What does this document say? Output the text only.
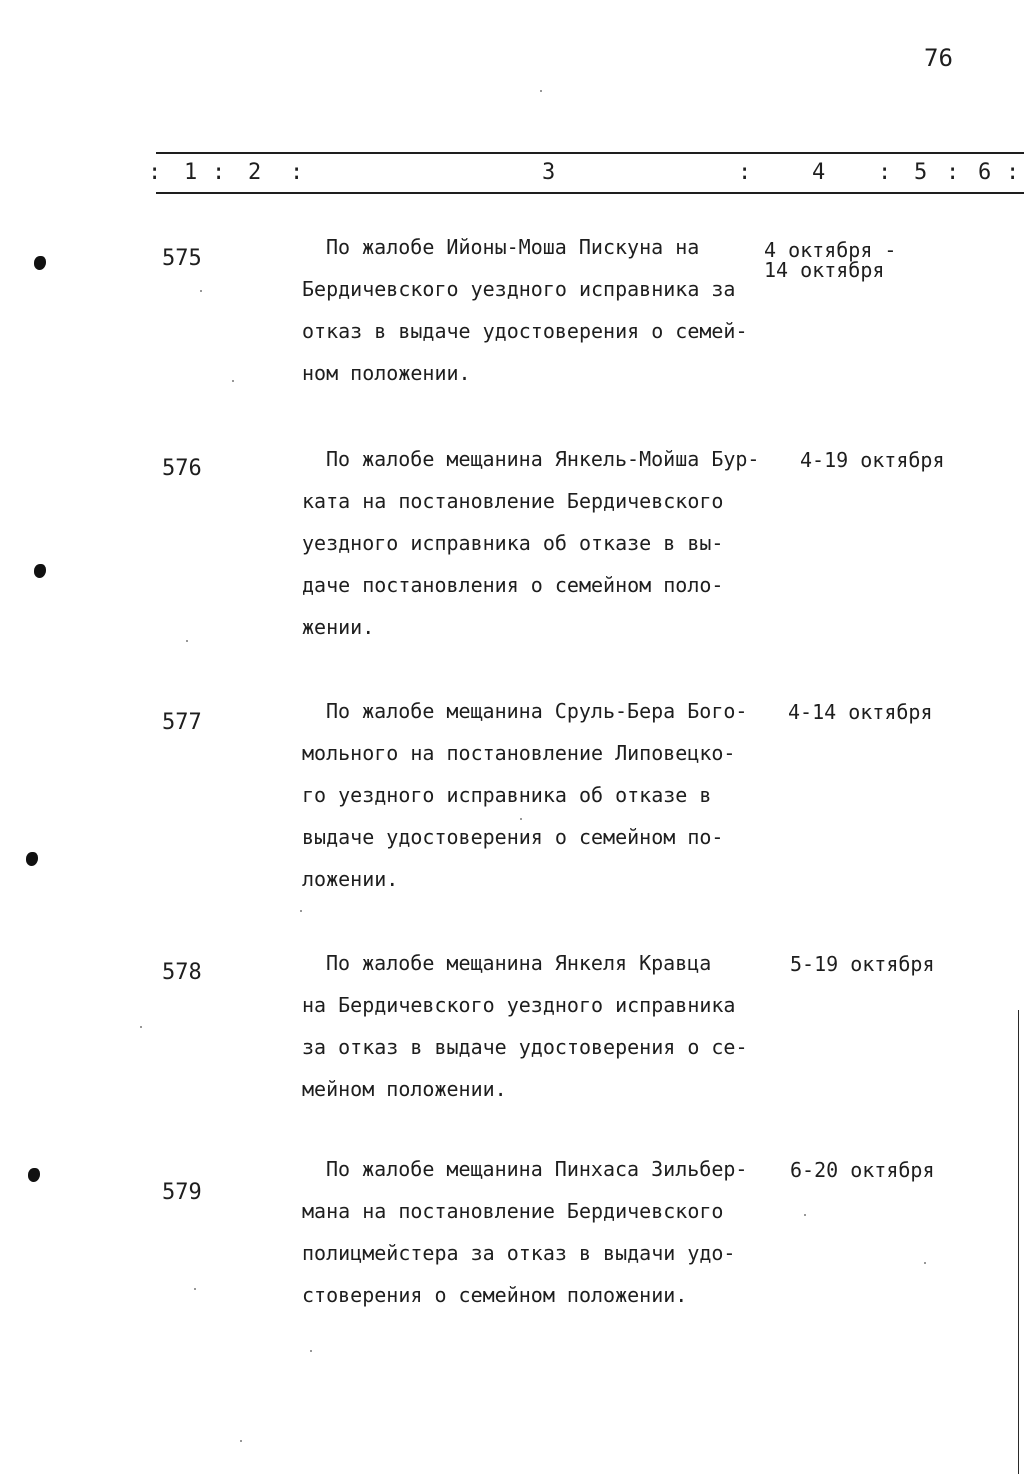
76
: 1 : 2 :	3	:	4 : 5 : 6 :
575	По жалобе Ийоны-Моша Пискуна на
Бердичевского уездного исправника за
отказ в выдаче удостоверения о семей-
ном положении.
4 октября -
14 октября
576	По жалобе мещанина Янкель-Мойша Бур-
ката на постановление Бердичевского
уездного исправника об отказе в вы-
даче постановления о семейном поло-
жении.
4-19 октября
577	По жалобе мещанина Сруль-Бера Бого-
мольного на постановление Липовецко-
го уездного исправника об отказе в
выдаче удостоверения о семейном по-
ложении.
4-14 октября
578	По жалобе мещанина Янкеля Кравца
на Бердичевского уездного исправника
за отказ в выдаче удостоверения о се-
мейном положении.
5-19 октября
579
По жалобе мещанина Пинхаса Зильбер-
мана на постановление Бердичевского
полицмейстера за отказ в выдачи удо-
стоверения о семейном положении.
6-20 октября
